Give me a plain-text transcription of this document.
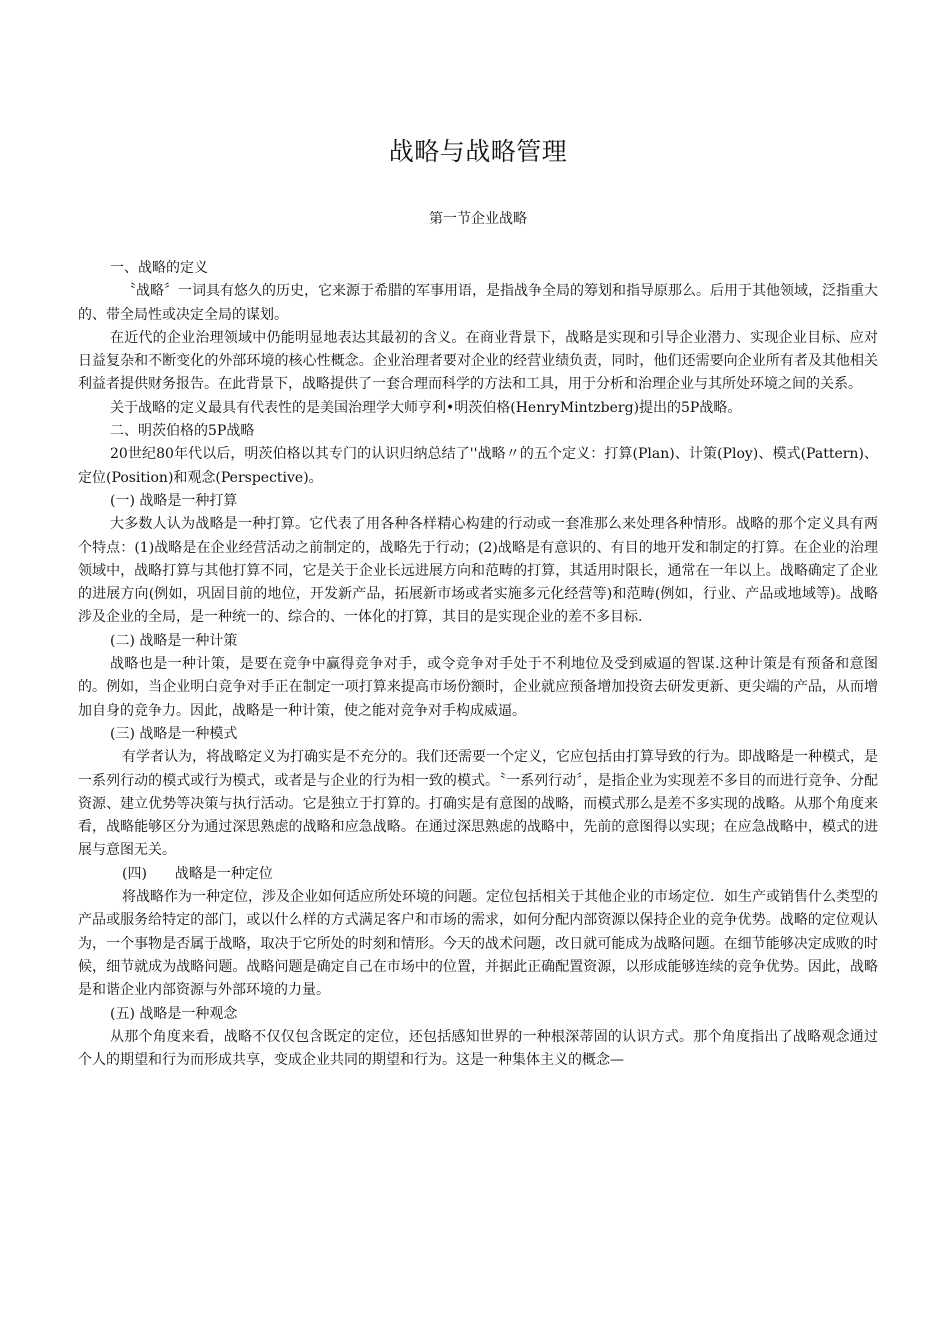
战略与战略管理
第一节企业战略

一、战略的定义

〝战略〞一词具有悠久的历史，它来源于希腊的军事用语，是指战争全局的筹划和指导原那么。后用于其他领域，泛指重大的、带全局性或决定全局的谋划。

在近代的企业治理领域中仍能明显地表达其最初的含义。在商业背景下，战略是实现和引导企业潜力、实现企业目标、应对日益复杂和不断变化的外部环境的核心性概念。企业治理者要对企业的经营业绩负责，同时，他们还需要向企业所有者及其他相关利益者提供财务报告。在此背景下，战略提供了一套合理而科学的方法和工具，用于分析和治理企业与其所处环境之间的关系。

关于战略的定义最具有代表性的是美国治理学大师亨利•明茨伯格(HenryMintzberg)提出的5P战略。

二、明茨伯格的5P战略

20世纪80年代以后，明茨伯格以其专门的认识归纳总结了''战略〃的五个定义：打算(Plan)、计策(Ploy)、模式(Pattern)、定位(Position)和观念(Perspective)。

(一) 战略是一种打算

大多数人认为战略是一种打算。它代表了用各种各样精心构建的行动或一套准那么来处理各种情形。战略的那个定义具有两个特点：(1)战略是在企业经营活动之前制定的，战略先于行动；(2)战略是有意识的、有目的地开发和制定的打算。在企业的治理领域中，战略打算与其他打算不同，它是关于企业长远进展方向和范畴的打算，其适用时限长，通常在一年以上。战略确定了企业的进展方向(例如，巩固目前的地位，开发新产品，拓展新市场或者实施多元化经营等)和范畴(例如，行业、产品或地域等)。战略涉及企业的全局，是一种统一的、综合的、一体化的打算，其目的是实现企业的差不多目标.

(二) 战略是一种计策

战略也是一种计策，是要在竞争中赢得竞争对手，或令竞争对手处于不利地位及受到威逼的智谋.这种计策是有预备和意图的。例如，当企业明白竞争对手正在制定一项打算来提高市场份额时，企业就应预备增加投资去研发更新、更尖端的产品，从而增加自身的竞争力。因此，战略是一种计策，使之能对竞争对手构成威逼。

(三) 战略是一种模式

有学者认为，将战略定义为打确实是不充分的。我们还需要一个定义，它应包括由打算导致的行为。即战略是一种模式，是一系列行动的模式或行为模式，或者是与企业的行为相一致的模式。〝一系列行动〞，是指企业为实现差不多目的而进行竞争、分配资源、建立优势等决策与执行活动。它是独立于打算的。打确实是有意图的战略，而模式那么是差不多实现的战略。从那个角度来看，战略能够区分为通过深思熟虑的战略和应急战略。在通过深思熟虑的战略中，先前的意图得以实现；在应急战略中，模式的进展与意图无关。

(四)　　战略是一种定位

将战略作为一种定位，涉及企业如何适应所处环境的问题。定位包括相关于其他企业的市场定位．如生产或销售什么类型的产品或服务给特定的部门，或以什么样的方式满足客户和市场的需求，如何分配内部资源以保持企业的竞争优势。战略的定位观认为，一个事物是否属于战略，取决于它所处的时刻和情形。今天的战术问题，改日就可能成为战略问题。在细节能够决定成败的时候，细节就成为战略问题。战略问题是确定自己在市场中的位置，并据此正确配置资源，以形成能够连续的竞争优势。因此，战略是和谐企业内部资源与外部环境的力量。

(五) 战略是一种观念

从那个角度来看，战略不仅仅包含既定的定位，还包括感知世界的一种根深蒂固的认识方式。那个角度指出了战略观念通过个人的期望和行为而形成共享，变成企业共同的期望和行为。这是一种集体主义的概念—
